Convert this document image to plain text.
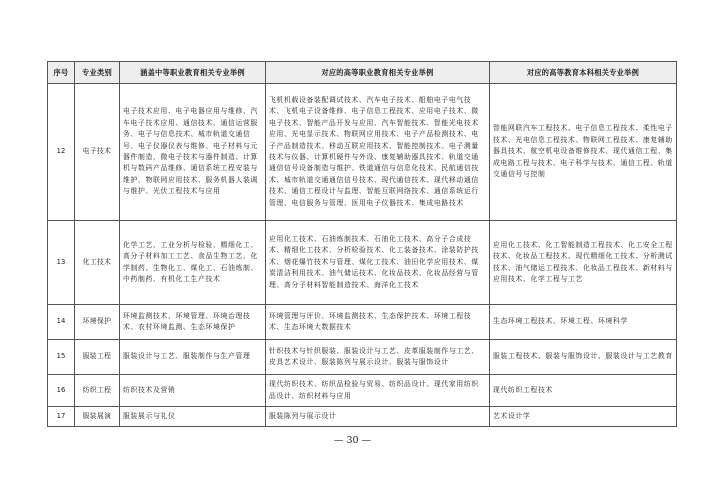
序号	专业类别	涵盖中等职业教育相关专业举例	对应的高等职业教育相关专业举例	对应的高等教育本科相关专业举例
12	电子技术	电子技术应用、电子电器应用与维修、汽车电子技术应用、通信技术、通信运营服务、电子与信息技术、城市轨道交通信号、电子仪器仪表与维修、电子材料与元器件制造、微电子技术与器件制造、计算机与数码产品维修、通信系统工程安装与维护、物联网应用技术、服务机器人装调与维护、光伏工程技术与应用	飞机机载设备装配调试技术、汽车电子技术、船舶电子电气技术、飞机电子设备维修、电子信息工程技术、应用电子技术、微电子技术、智能产品开发与应用、汽车智能技术、智能光电技术应用、光电显示技术、物联网应用技术、电子产品检测技术、电子产品制造技术、移动互联应用技术、智能控制技术、电子测量技术与仪器、计算机硬件与外设、康复辅助器具技术、轨道交通通信信号设备制造与维护、铁道通信与信息化技术、民航通信技术、城市轨道交通通信信号技术、现代通信技术、现代移动通信技术、通信工程设计与监理、智能互联网络技术、通信系统运行管理、电信服务与管理、医用电子仪器技术、集成电路技术	智能网联汽车工程技术、电子信息工程技术、柔性电子技术、光电信息工程技术、物联网工程技术、康复辅助器具技术、航空机电设备维修技术、现代通信工程、集成电路工程与技术、电子科学与技术、通信工程、轨道交通信号与控制
13	化工技术	化学工艺、工业分析与检验、精细化工、高分子材料加工工艺、食品生物工艺、化学制药、生物化工、煤化工、石油炼制、中药制药、有机化工生产技术	应用化工技术、石油炼制技术、石油化工技术、高分子合成技术、精细化工技术、分析检验技术、化工装备技术、涂装防护技术、烟花爆竹技术与管理、煤化工技术、油田化学应用技术、煤炭清洁利用技术、油气储运技术、化妆品技术、化妆品经营与管理、高分子材料智能制造技术、海洋化工技术	应用化工技术、化工智能制造工程技术、化工安全工程技术、化妆品工程技术、现代精细化工技术、分析测试技术、油气储运工程技术、化妆品工程技术、新材料与应用技术、化学工程与工艺
14	环境保护	环境监测技术、环境管理、环境治理技术、农村环境监测、生态环境保护	环境管理与评价、环境监测技术、生态保护技术、环境工程技术、生态环境大数据技术	生态环境工程技术、环境工程、环境科学
15	服装工程	服装设计与工艺、服装制作与生产管理	针织技术与针织服装、服装设计与工艺、皮革服装制作与工艺、皮具艺术设计、服装陈列与展示设计、服装与服饰设计	服装工程技术、服装与服饰设计、服装设计与工艺教育
16	纺织工程	纺织技术及营销	现代纺织技术、纺织品检验与贸易、纺织品设计、现代家用纺织品设计、纺织材料与应用	现代纺织工程技术
17	服装展演	服装展示与礼仪	服装陈列与展示设计	艺术设计学
— 30 —
